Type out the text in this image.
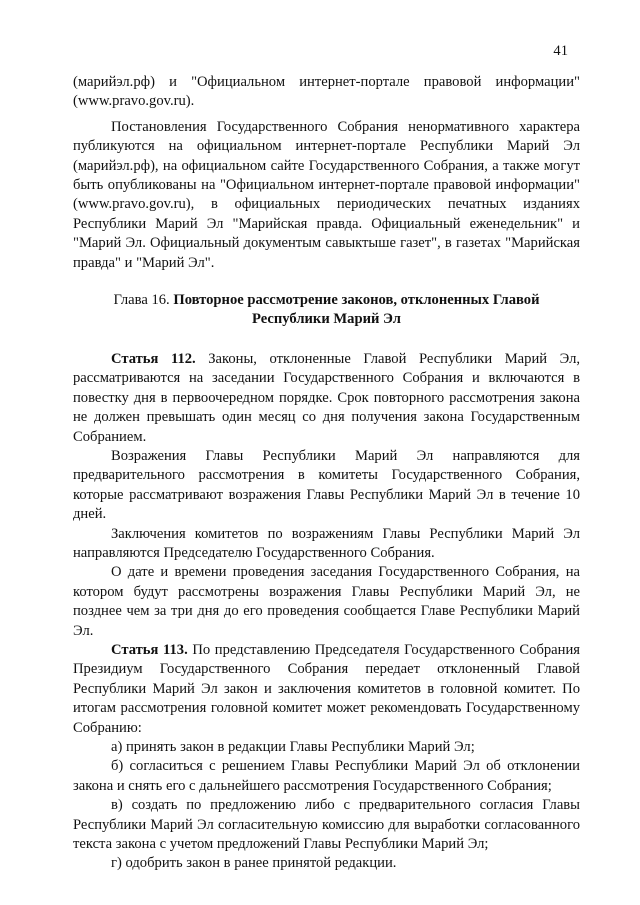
41

(марийэл.рф) и "Официальном интернет-портале правовой информации" (www.pravo.gov.ru).

Постановления Государственного Собрания ненормативного характера публикуются на официальном интернет-портале Республики Марий Эл (марийэл.рф), на официальном сайте Государственного Собрания, а также могут быть опубликованы на "Официальном интернет-портале правовой информации" (www.pravo.gov.ru), в официальных периодических печатных изданиях Республики Марий Эл "Марийская правда. Официальный еженедельник" и "Марий Эл. Официальный документым савыктыше газет", в газетах "Марийская правда" и "Марий Эл".

Глава 16. Повторное рассмотрение законов, отклоненных Главой Республики Марий Эл

Статья 112. Законы, отклоненные Главой Республики Марий Эл, рассматриваются на заседании Государственного Собрания и включаются в повестку дня в первоочередном порядке. Срок повторного рассмотрения закона не должен превышать один месяц со дня получения закона Государственным Собранием.

Возражения Главы Республики Марий Эл направляются для предварительного рассмотрения в комитеты Государственного Собрания, которые рассматривают возражения Главы Республики Марий Эл в течение 10 дней.

Заключения комитетов по возражениям Главы Республики Марий Эл направляются Председателю Государственного Собрания.

О дате и времени проведения заседания Государственного Собрания, на котором будут рассмотрены возражения Главы Республики Марий Эл, не позднее чем за три дня до его проведения сообщается Главе Республики Марий Эл.

Статья 113. По представлению Председателя Государственного Собрания Президиум Государственного Собрания передает отклоненный Главой Республики Марий Эл закон и заключения комитетов в головной комитет. По итогам рассмотрения головной комитет может рекомендовать Государственному Собранию:

а) принять закон в редакции Главы Республики Марий Эл;

б) согласиться с решением Главы Республики Марий Эл об отклонении закона и снять его с дальнейшего рассмотрения Государственного Собрания;

в) создать по предложению либо с предварительного согласия Главы Республики Марий Эл согласительную комиссию для выработки согласованного текста закона с учетом предложений Главы Республики Марий Эл;

г) одобрить закон в ранее принятой редакции.
